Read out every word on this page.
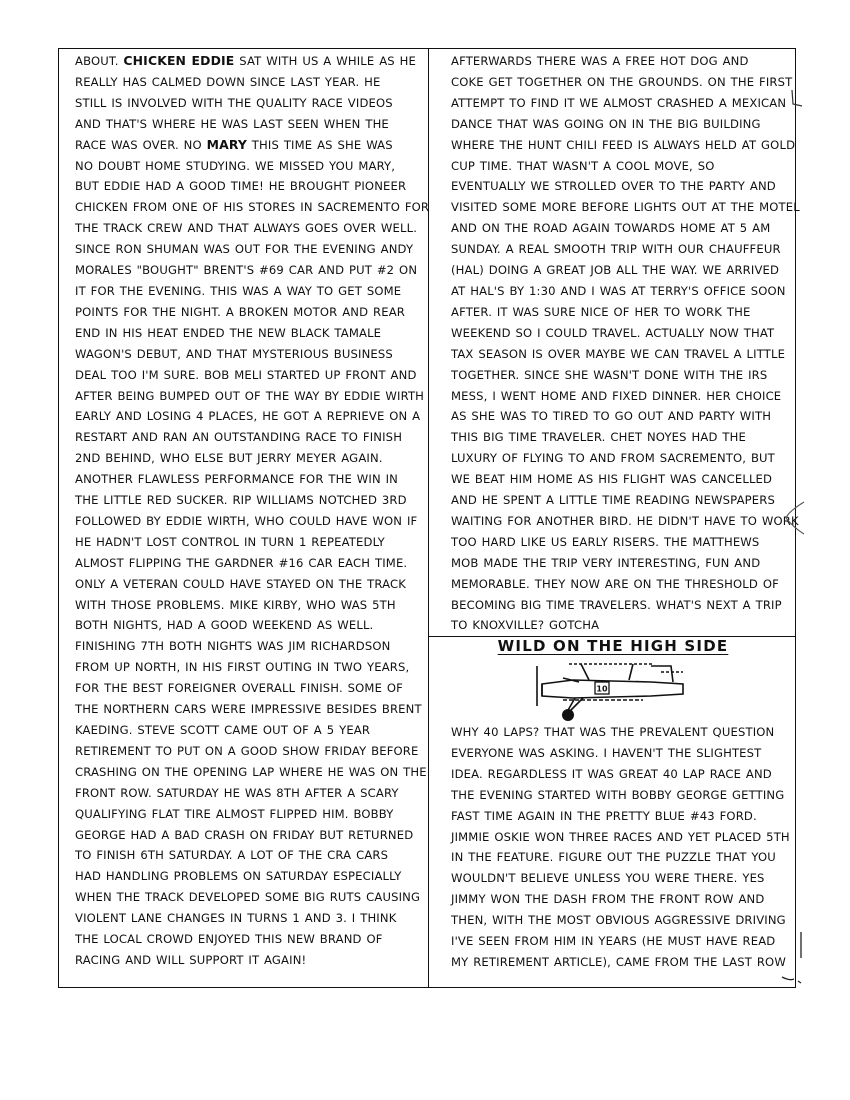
ABOUT. CHICKEN EDDIE SAT WITH US A WHILE AS HE
REALLY HAS CALMED DOWN SINCE LAST YEAR. HE
STILL IS INVOLVED WITH THE QUALITY RACE VIDEOS
AND THAT'S WHERE HE WAS LAST SEEN WHEN THE
RACE WAS OVER. NO MARY THIS TIME AS SHE WAS
NO DOUBT HOME STUDYING. WE MISSED YOU MARY,
BUT EDDIE HAD A GOOD TIME! HE BROUGHT PIONEER
CHICKEN FROM ONE OF HIS STORES IN SACREMENTO FOR
THE TRACK CREW AND THAT ALWAYS GOES OVER WELL.
SINCE RON SHUMAN WAS OUT FOR THE EVENING ANDY
MORALES "BOUGHT" BRENT'S #69 CAR AND PUT #2 ON
IT FOR THE EVENING. THIS WAS A WAY TO GET SOME
POINTS FOR THE NIGHT. A BROKEN MOTOR AND REAR
END IN HIS HEAT ENDED THE NEW BLACK TAMALE
WAGON'S DEBUT, AND THAT MYSTERIOUS BUSINESS
DEAL TOO I'M SURE. BOB MELI STARTED UP FRONT AND
AFTER BEING BUMPED OUT OF THE WAY BY EDDIE WIRTH
EARLY AND LOSING 4 PLACES, HE GOT A REPRIEVE ON A
RESTART AND RAN AN OUTSTANDING RACE TO FINISH
2ND BEHIND, WHO ELSE BUT JERRY MEYER AGAIN.
ANOTHER FLAWLESS PERFORMANCE FOR THE WIN IN
THE LITTLE RED SUCKER. RIP WILLIAMS NOTCHED 3RD
FOLLOWED BY EDDIE WIRTH, WHO COULD HAVE WON IF
HE HADN'T LOST CONTROL IN TURN 1 REPEATEDLY
ALMOST FLIPPING THE GARDNER #16 CAR EACH TIME.
ONLY A VETERAN COULD HAVE STAYED ON THE TRACK
WITH THOSE PROBLEMS. MIKE KIRBY, WHO WAS 5TH
BOTH NIGHTS, HAD A GOOD WEEKEND AS WELL.
FINISHING 7TH BOTH NIGHTS WAS JIM RICHARDSON
FROM UP NORTH, IN HIS FIRST OUTING IN TWO YEARS,
FOR THE BEST FOREIGNER OVERALL FINISH. SOME OF
THE NORTHERN CARS WERE IMPRESSIVE BESIDES BRENT
KAEDING. STEVE SCOTT CAME OUT OF A 5 YEAR
RETIREMENT TO PUT ON A GOOD SHOW FRIDAY BEFORE
CRASHING ON THE OPENING LAP WHERE HE WAS ON THE
FRONT ROW. SATURDAY HE WAS 8TH AFTER A SCARY
QUALIFYING FLAT TIRE ALMOST FLIPPED HIM. BOBBY
GEORGE HAD A BAD CRASH ON FRIDAY BUT RETURNED
TO FINISH 6TH SATURDAY. A LOT OF THE CRA CARS
HAD HANDLING PROBLEMS ON SATURDAY ESPECIALLY
WHEN THE TRACK DEVELOPED SOME BIG RUTS CAUSING
VIOLENT LANE CHANGES IN TURNS 1 AND 3. I THINK
THE LOCAL CROWD ENJOYED THIS NEW BRAND OF
RACING AND WILL SUPPORT IT AGAIN!
AFTERWARDS THERE WAS A FREE HOT DOG AND
COKE GET TOGETHER ON THE GROUNDS. ON THE FIRST
ATTEMPT TO FIND IT WE ALMOST CRASHED A MEXICAN
DANCE THAT WAS GOING ON IN THE BIG BUILDING
WHERE THE HUNT CHILI FEED IS ALWAYS HELD AT GOLD
CUP TIME. THAT WASN'T A COOL MOVE, SO
EVENTUALLY WE STROLLED OVER TO THE PARTY AND
VISITED SOME MORE BEFORE LIGHTS OUT AT THE MOTEL
AND ON THE ROAD AGAIN TOWARDS HOME AT 5 AM
SUNDAY. A REAL SMOOTH TRIP WITH OUR CHAUFFEUR
(HAL) DOING A GREAT JOB ALL THE WAY. WE ARRIVED
AT HAL'S BY 1:30 AND I WAS AT TERRY'S OFFICE SOON
AFTER. IT WAS SURE NICE OF HER TO WORK THE
WEEKEND SO I COULD TRAVEL. ACTUALLY NOW THAT
TAX SEASON IS OVER MAYBE WE CAN TRAVEL A LITTLE
TOGETHER. SINCE SHE WASN'T DONE WITH THE IRS
MESS, I WENT HOME AND FIXED DINNER. HER CHOICE
AS SHE WAS TO TIRED TO GO OUT AND PARTY WITH
THIS BIG TIME TRAVELER. CHET NOYES HAD THE
LUXURY OF FLYING TO AND FROM SACREMENTO, BUT
WE BEAT HIM HOME AS HIS FLIGHT WAS CANCELLED
AND HE SPENT A LITTLE TIME READING NEWSPAPERS
WAITING FOR ANOTHER BIRD. HE DIDN'T HAVE TO WORK
TOO HARD LIKE US EARLY RISERS. THE MATTHEWS
MOB MADE THE TRIP VERY INTERESTING, FUN AND
MEMORABLE. THEY NOW ARE ON THE THRESHOLD OF
BECOMING BIG TIME TRAVELERS. WHAT'S NEXT A TRIP
TO KNOXVILLE? GOTCHA
WILD ON THE HIGH SIDE
10
WHY 40 LAPS? THAT WAS THE PREVALENT QUESTION
EVERYONE WAS ASKING. I HAVEN'T THE SLIGHTEST
IDEA. REGARDLESS IT WAS GREAT 40 LAP RACE AND
THE EVENING STARTED WITH BOBBY GEORGE GETTING
FAST TIME AGAIN IN THE PRETTY BLUE #43 FORD.
JIMMIE OSKIE WON THREE RACES AND YET PLACED 5TH
IN THE FEATURE. FIGURE OUT THE PUZZLE THAT YOU
WOULDN'T BELIEVE UNLESS YOU WERE THERE. YES
JIMMY WON THE DASH FROM THE FRONT ROW AND
THEN, WITH THE MOST OBVIOUS AGGRESSIVE DRIVING
I'VE SEEN FROM HIM IN YEARS (HE MUST HAVE READ
MY RETIREMENT ARTICLE), CAME FROM THE LAST ROW
